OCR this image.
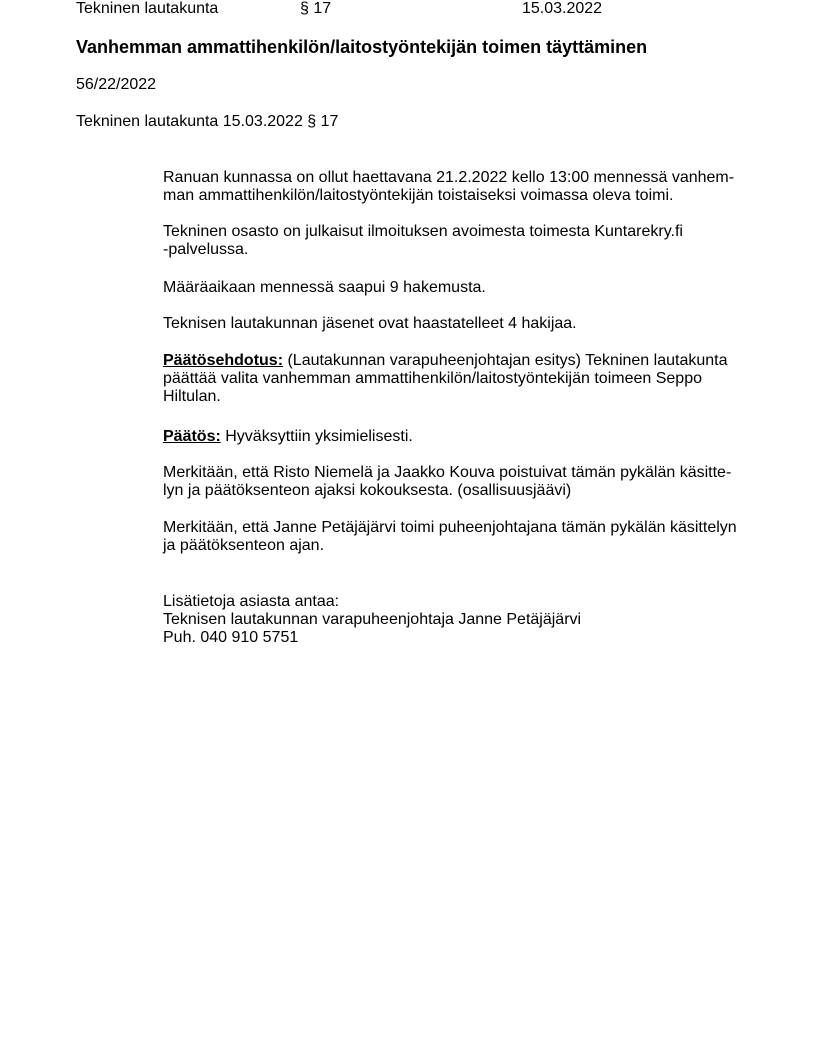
Tekninen lautakunta	§ 17	15.03.2022
Vanhemman ammattihenkilön/laitostyöntekijän toimen täyttäminen
56/22/2022
Tekninen lautakunta 15.03.2022 § 17
Ranuan kunnassa on ollut haettavana 21.2.2022 kello 13:00 mennessä vanhem-
man ammattihenkilön/laitostyöntekijän toistaiseksi voimassa oleva toimi.
Tekninen osasto on julkaisut ilmoituksen avoimesta toimesta Kuntarekry.fi
-palvelussa.
Määräaikaan mennessä saapui 9 hakemusta.
Teknisen lautakunnan jäsenet ovat haastatelleet 4 hakijaa.
Päätösehdotus: (Lautakunnan varapuheenjohtajan esitys) Tekninen lautakunta
päättää valita vanhemman ammattihenkilön/laitostyöntekijän toimeen Seppo
Hiltulan.
Päätös: Hyväksyttiin yksimielisesti.
Merkitään, että Risto Niemelä ja Jaakko Kouva poistuivat tämän pykälän käsitte-
lyn ja päätöksenteon ajaksi kokouksesta. (osallisuusjäävi)
Merkitään, että Janne Petäjäjärvi toimi puheenjohtajana tämän pykälän käsittelyn
ja päätöksenteon ajan.
Lisätietoja asiasta antaa:
Teknisen lautakunnan varapuheenjohtaja Janne Petäjäjärvi
Puh. 040 910 5751
